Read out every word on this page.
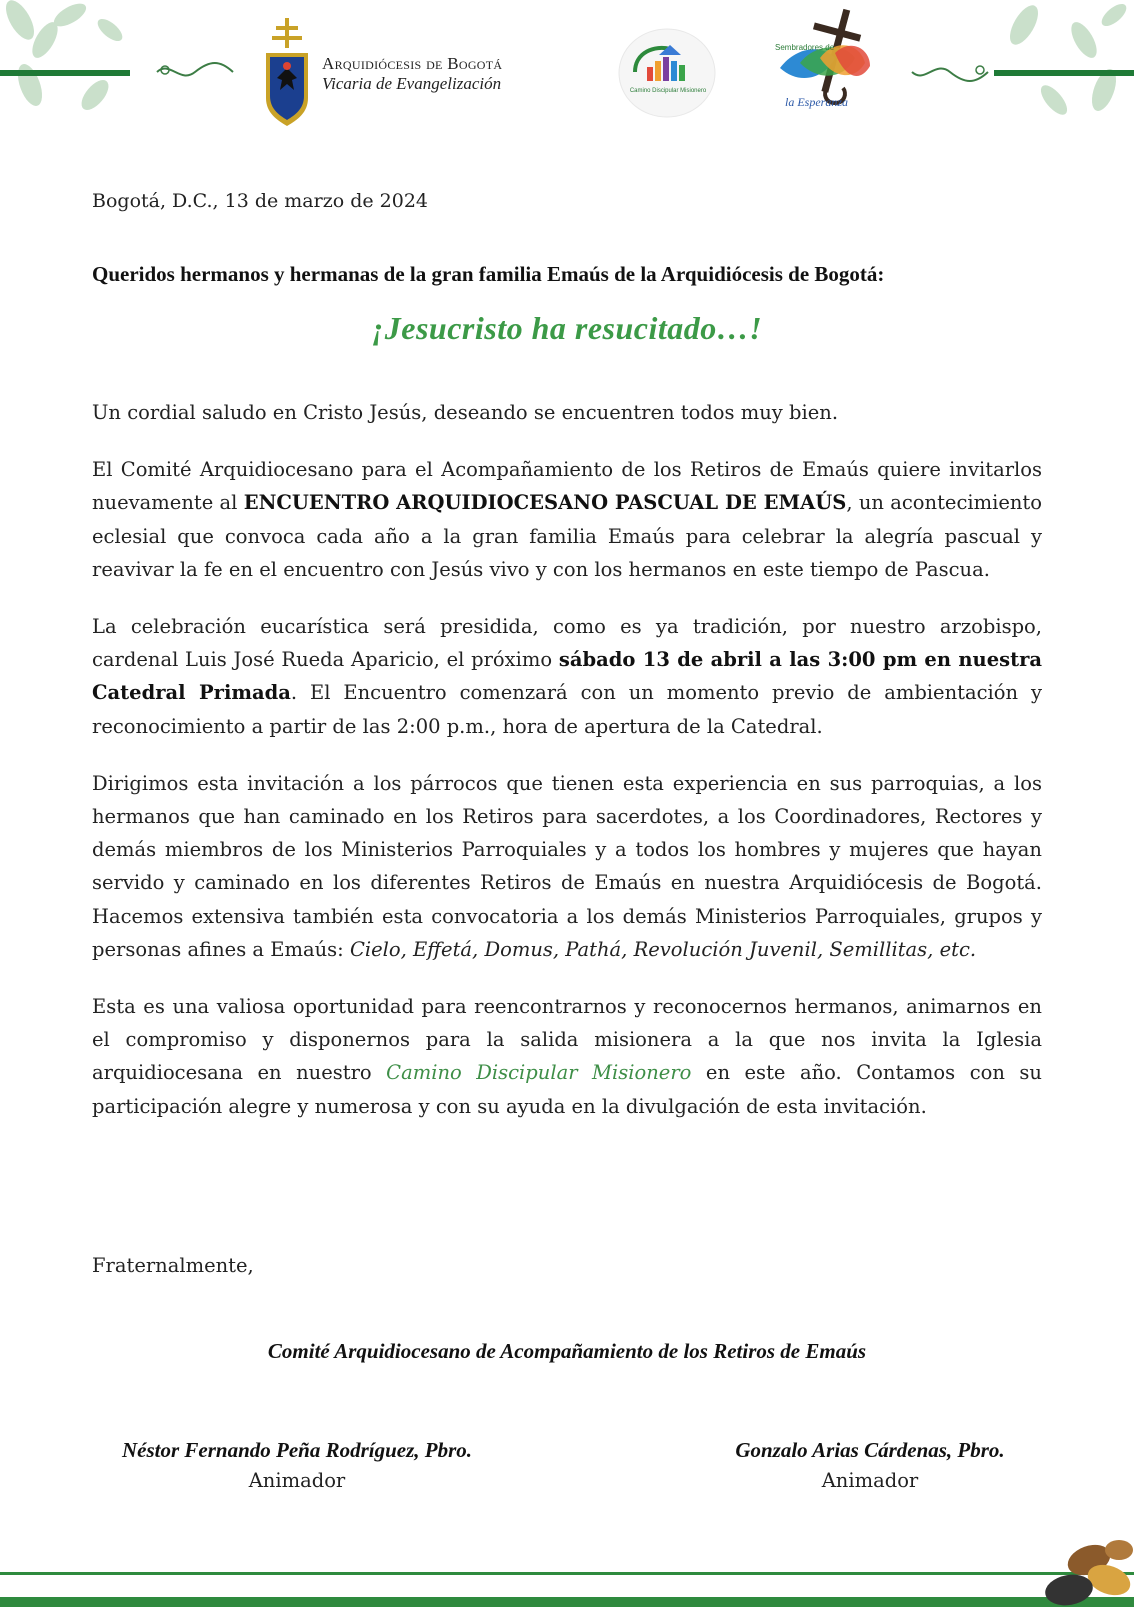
Arquidiócesis de Bogotá
Vicaria de Evangelización	Camino Discipular Misionero
Sembradores de
la Esperanza
Bogotá, D.C., 13 de marzo de 2024
Queridos hermanos y hermanas de la gran familia Emaús de la Arquidiócesis de Bogotá:
¡Jesucristo ha resucitado…!

Un cordial saludo en Cristo Jesús, deseando se encuentren todos muy bien.

El Comité Arquidiocesano para el Acompañamiento de los Retiros de Emaús quiere invitarlos nuevamente al ENCUENTRO ARQUIDIOCESANO PASCUAL DE EMAÚS, un acontecimiento eclesial que convoca cada año a la gran familia Emaús para celebrar la alegría pascual y reavivar la fe en el encuentro con Jesús vivo y con los hermanos en este tiempo de Pascua.

La celebración eucarística será presidida, como es ya tradición, por nuestro arzobispo, cardenal Luis José Rueda Aparicio, el próximo sábado 13 de abril a las 3:00 pm en nuestra Catedral Primada. El Encuentro comenzará con un momento previo de ambientación y reconocimiento a partir de las 2:00 p.m., hora de apertura de la Catedral.

Dirigimos esta invitación a los párrocos que tienen esta experiencia en sus parroquias, a los hermanos que han caminado en los Retiros para sacerdotes, a los Coordinadores, Rectores y demás miembros de los Ministerios Parroquiales y a todos los hombres y mujeres que hayan servido y caminado en los diferentes Retiros de Emaús en nuestra Arquidiócesis de Bogotá. Hacemos extensiva también esta convocatoria a los demás Ministerios Parroquiales, grupos y personas afines a Emaús: Cielo, Effetá, Domus, Pathá, Revolución Juvenil, Semillitas, etc.

Esta es una valiosa oportunidad para reencontrarnos y reconocernos hermanos, animarnos en el compromiso y disponernos para la salida misionera a la que nos invita la Iglesia arquidiocesana en nuestro Camino Discipular Misionero en este año. Contamos con su participación alegre y numerosa y con su ayuda en la divulgación de esta invitación.

Fraternalmente,
Comité Arquidiocesano de Acompañamiento de los Retiros de Emaús
Néstor Fernando Peña Rodríguez, Pbro.
Animador
Gonzalo Arias Cárdenas, Pbro.
Animador
